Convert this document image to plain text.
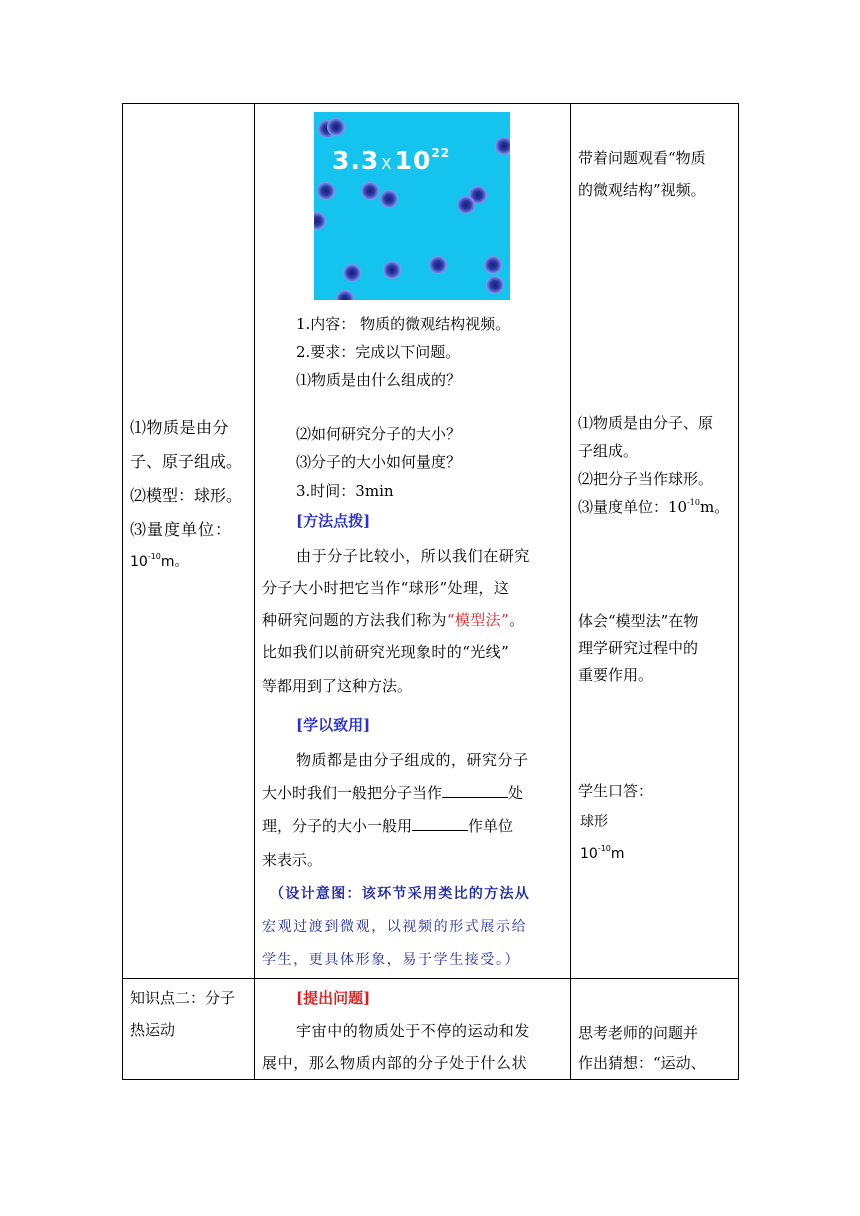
⑴物质是由分
子、原子组成。
⑵模型：球形。
⑶量度单位：
$10^{-10}m$。
3.3 $X10^{22}$
1.内容： 物质的微观结构视频。
2.要求：完成以下问题。
⑴物质是由什么组成的？
⑵如何研究分子的大小？
⑶分子的大小如何量度？
3.时间：3min
[方法点拨]
由于分子比较小，所以我们在研究
分子大小时把它当作“球形”处理，这
种研究问题的方法我们称为“模型法”。
比如我们以前研究光现象时的“光线”
等都用到了这种方法。
[学以致用]
物质都是由分子组成的，研究分子
大小时我们一般把分子当作	处
理，分子的大小一般用	作单位
来表示。
（设计意图：该环节采用类比的方法从
宏观过渡到微观，以视频的形式展示给
学生，更具体形象，易于学生接受。）
带着问题观看“物质
的微观结构”视频。
⑴物质是由分子、原
子组成。
⑵把分子当作球形。
⑶量度单位：$10^{-10}m$。
体会“模型法”在物
理学研究过程中的
重要作用。
学生口答：
球形
$10^{-10}m$
知识点二：分子
热运动
[提出问题]
宇宙中的物质处于不停的运动和发
展中，那么物质内部的分子处于什么状
思考老师的问题并
作出猜想：“运动、
